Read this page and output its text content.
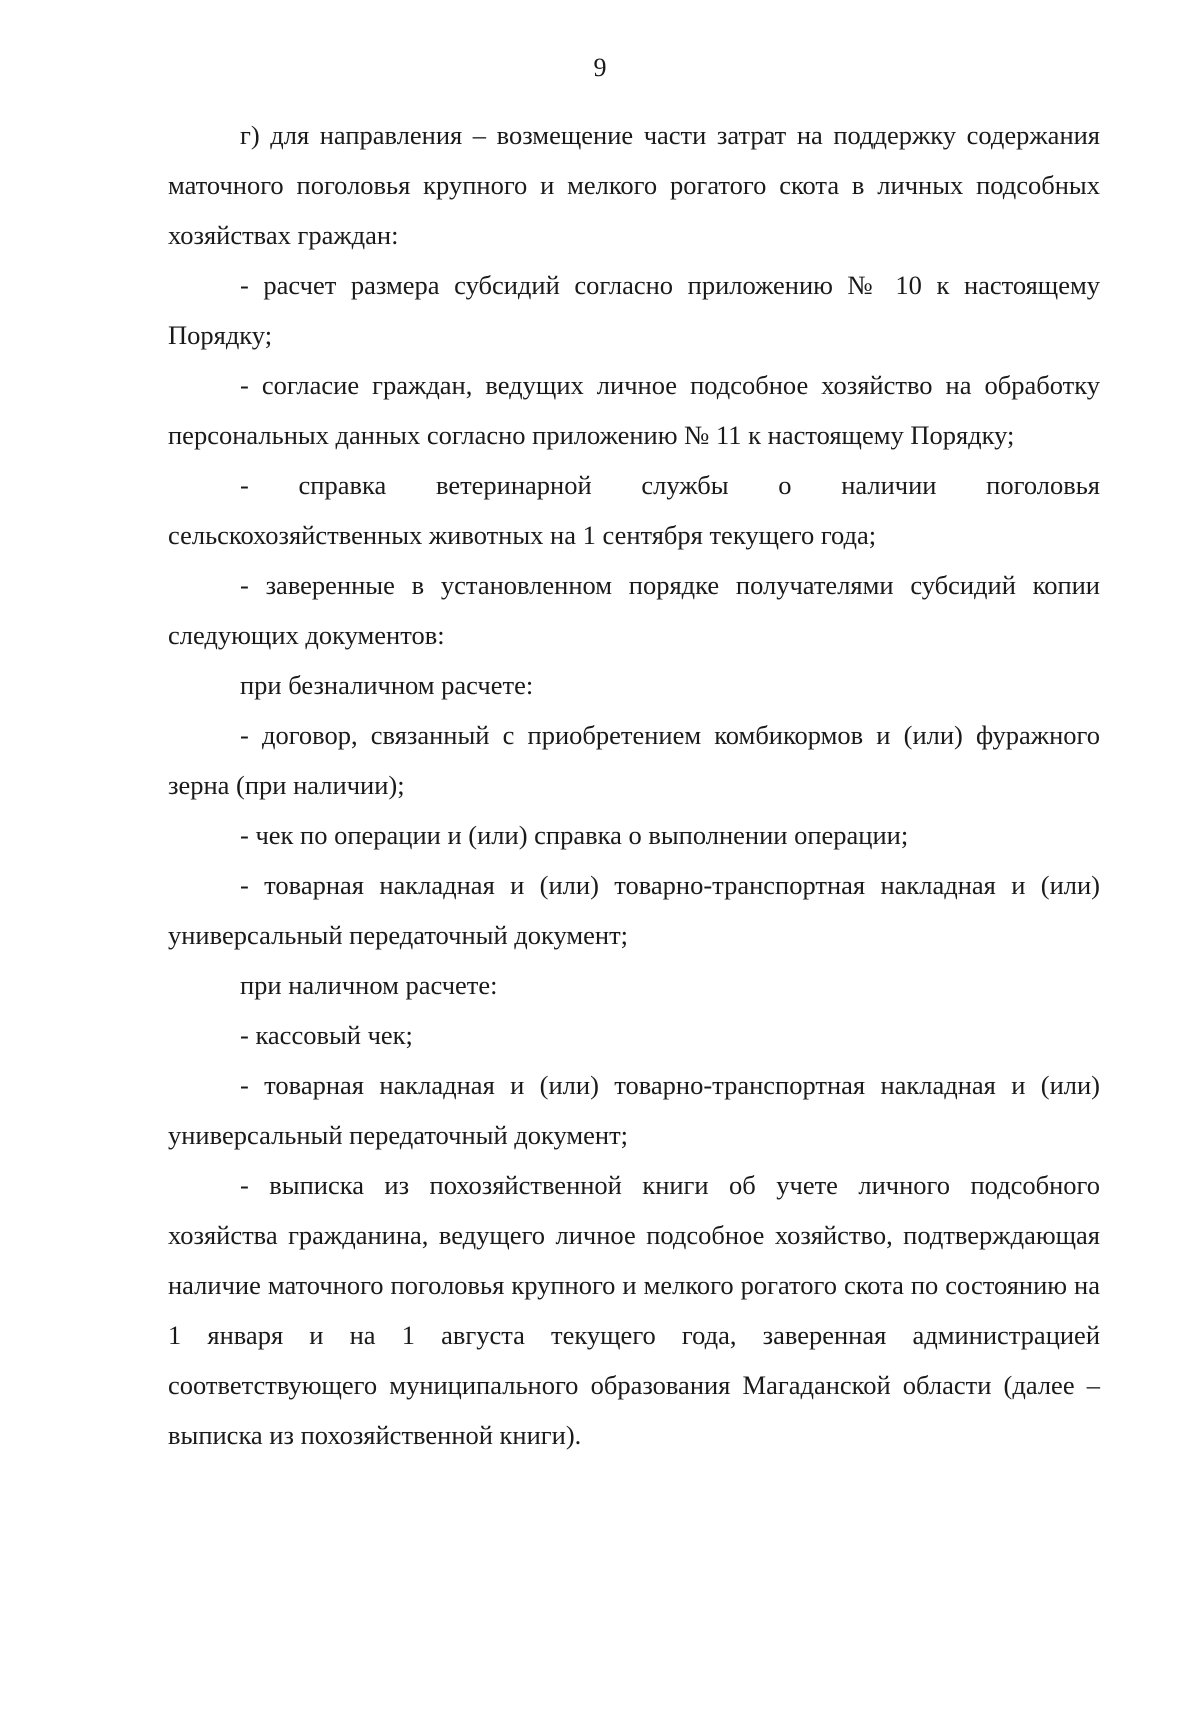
9

г) для направления – возмещение части затрат на поддержку содержания маточного поголовья крупного и мелкого рогатого скота в личных подсобных хозяйствах граждан:

- расчет размера субсидий согласно приложению № 10 к настоящему Порядку;

- согласие граждан, ведущих личное подсобное хозяйство на обработку персональных данных согласно приложению № 11 к настоящему Порядку;

- справка ветеринарной службы о наличии поголовья сельскохозяйственных животных на 1 сентября текущего года;

- заверенные в установленном порядке получателями субсидий копии следующих документов:

при безналичном расчете:

- договор, связанный с приобретением комбикормов и (или) фуражного зерна (при наличии);

- чек по операции и (или) справка о выполнении операции;

- товарная накладная и (или) товарно-транспортная накладная и (или) универсальный передаточный документ;

при наличном расчете:

- кассовый чек;

- товарная накладная и (или) товарно-транспортная накладная и (или) универсальный передаточный документ;

- выписка из похозяйственной книги об учете личного подсобного хозяйства гражданина, ведущего личное подсобное хозяйство, подтверждающая наличие маточного поголовья крупного и мелкого рогатого скота по состоянию на 1 января и на 1 августа текущего года, заверенная администрацией соответствующего муниципального образования Магаданской области (далее – выписка из похозяйственной книги).
